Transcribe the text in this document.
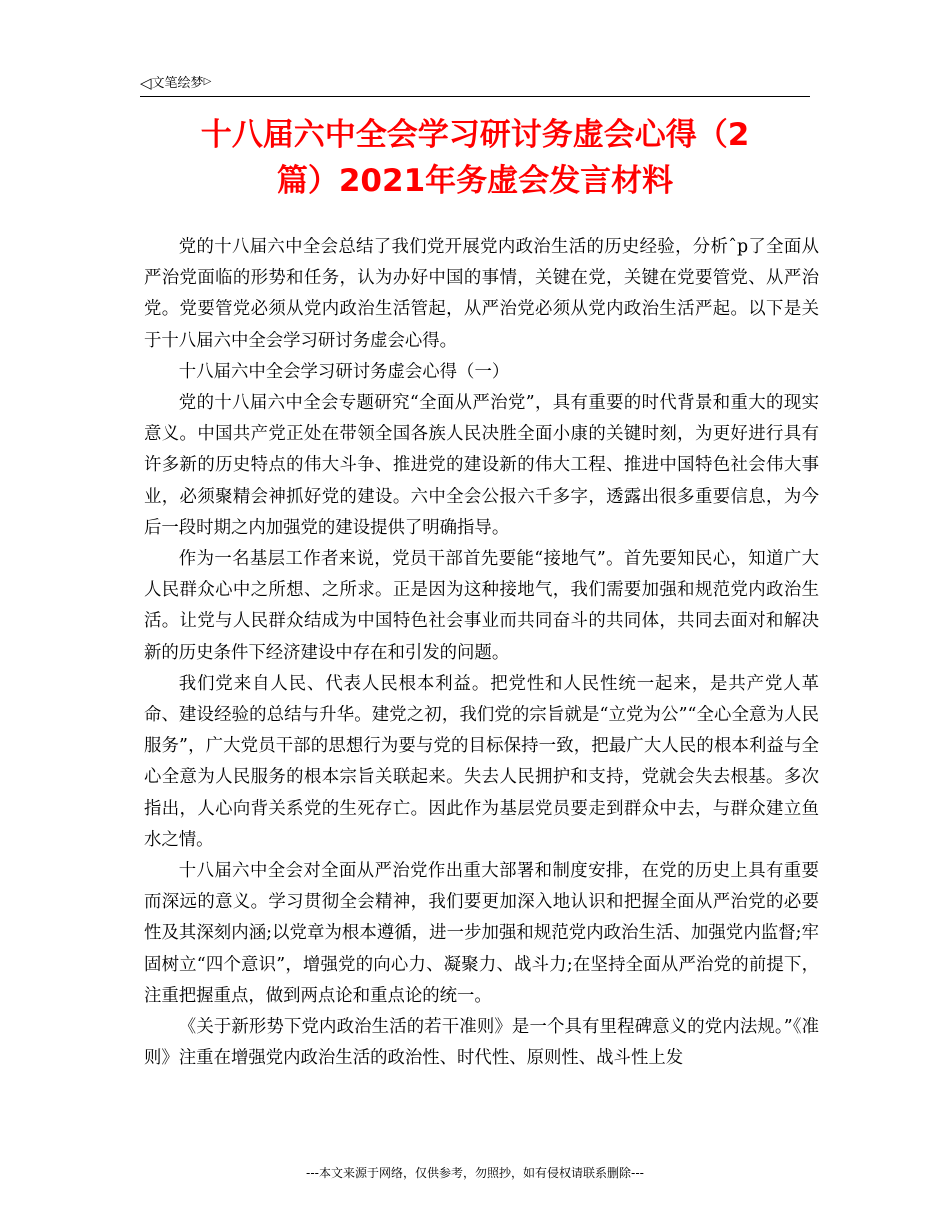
◁文笔绘梦▷
十八届六中全会学习研讨务虚会心得（2
篇）2021年务虚会发言材料

党的十八届六中全会总结了我们党开展党内政治生活的历史经验，分析ˆp了全面从严治党面临的形势和任务，认为办好中国的事情，关键在党，关键在党要管党、从严治党。党要管党必须从党内政治生活管起，从严治党必须从党内政治生活严起。以下是关于十八届六中全会学习研讨务虚会心得。

十八届六中全会学习研讨务虚会心得（一）

党的十八届六中全会专题研究“全面从严治党”，具有重要的时代背景和重大的现实意义。中国共产党正处在带领全国各族人民决胜全面小康的关键时刻，为更好进行具有许多新的历史特点的伟大斗争、推进党的建设新的伟大工程、推进中国特色社会伟大事业，必须聚精会神抓好党的建设。六中全会公报六千多字，透露出很多重要信息，为今后一段时期之内加强党的建设提供了明确指导。

作为一名基层工作者来说，党员干部首先要能“接地气”。首先要知民心，知道广大人民群众心中之所想、之所求。正是因为这种接地气，我们需要加强和规范党内政治生活。让党与人民群众结成为中国特色社会事业而共同奋斗的共同体，共同去面对和解决新的历史条件下经济建设中存在和引发的问题。

我们党来自人民、代表人民根本利益。把党性和人民性统一起来，是共产党人革命、建设经验的总结与升华。建党之初，我们党的宗旨就是“立党为公”“全心全意为人民服务”，广大党员干部的思想行为要与党的目标保持一致，把最广大人民的根本利益与全心全意为人民服务的根本宗旨关联起来。失去人民拥护和支持，党就会失去根基。多次指出，人心向背关系党的生死存亡。因此作为基层党员要走到群众中去，与群众建立鱼水之情。

十八届六中全会对全面从严治党作出重大部署和制度安排，在党的历史上具有重要而深远的意义。学习贯彻全会精神，我们要更加深入地认识和把握全面从严治党的必要性及其深刻内涵;以党章为根本遵循，进一步加强和规范党内政治生活、加强党内监督;牢固树立“四个意识”，增强党的向心力、凝聚力、战斗力;在坚持全面从严治党的前提下，注重把握重点，做到两点论和重点论的统一。

《关于新形势下党内政治生活的若干准则》是一个具有里程碑意义的党内法规。”《准则》注重在增强党内政治生活的政治性、时代性、原则性、战斗性上发

---本文来源于网络，仅供参考，勿照抄，如有侵权请联系删除---
